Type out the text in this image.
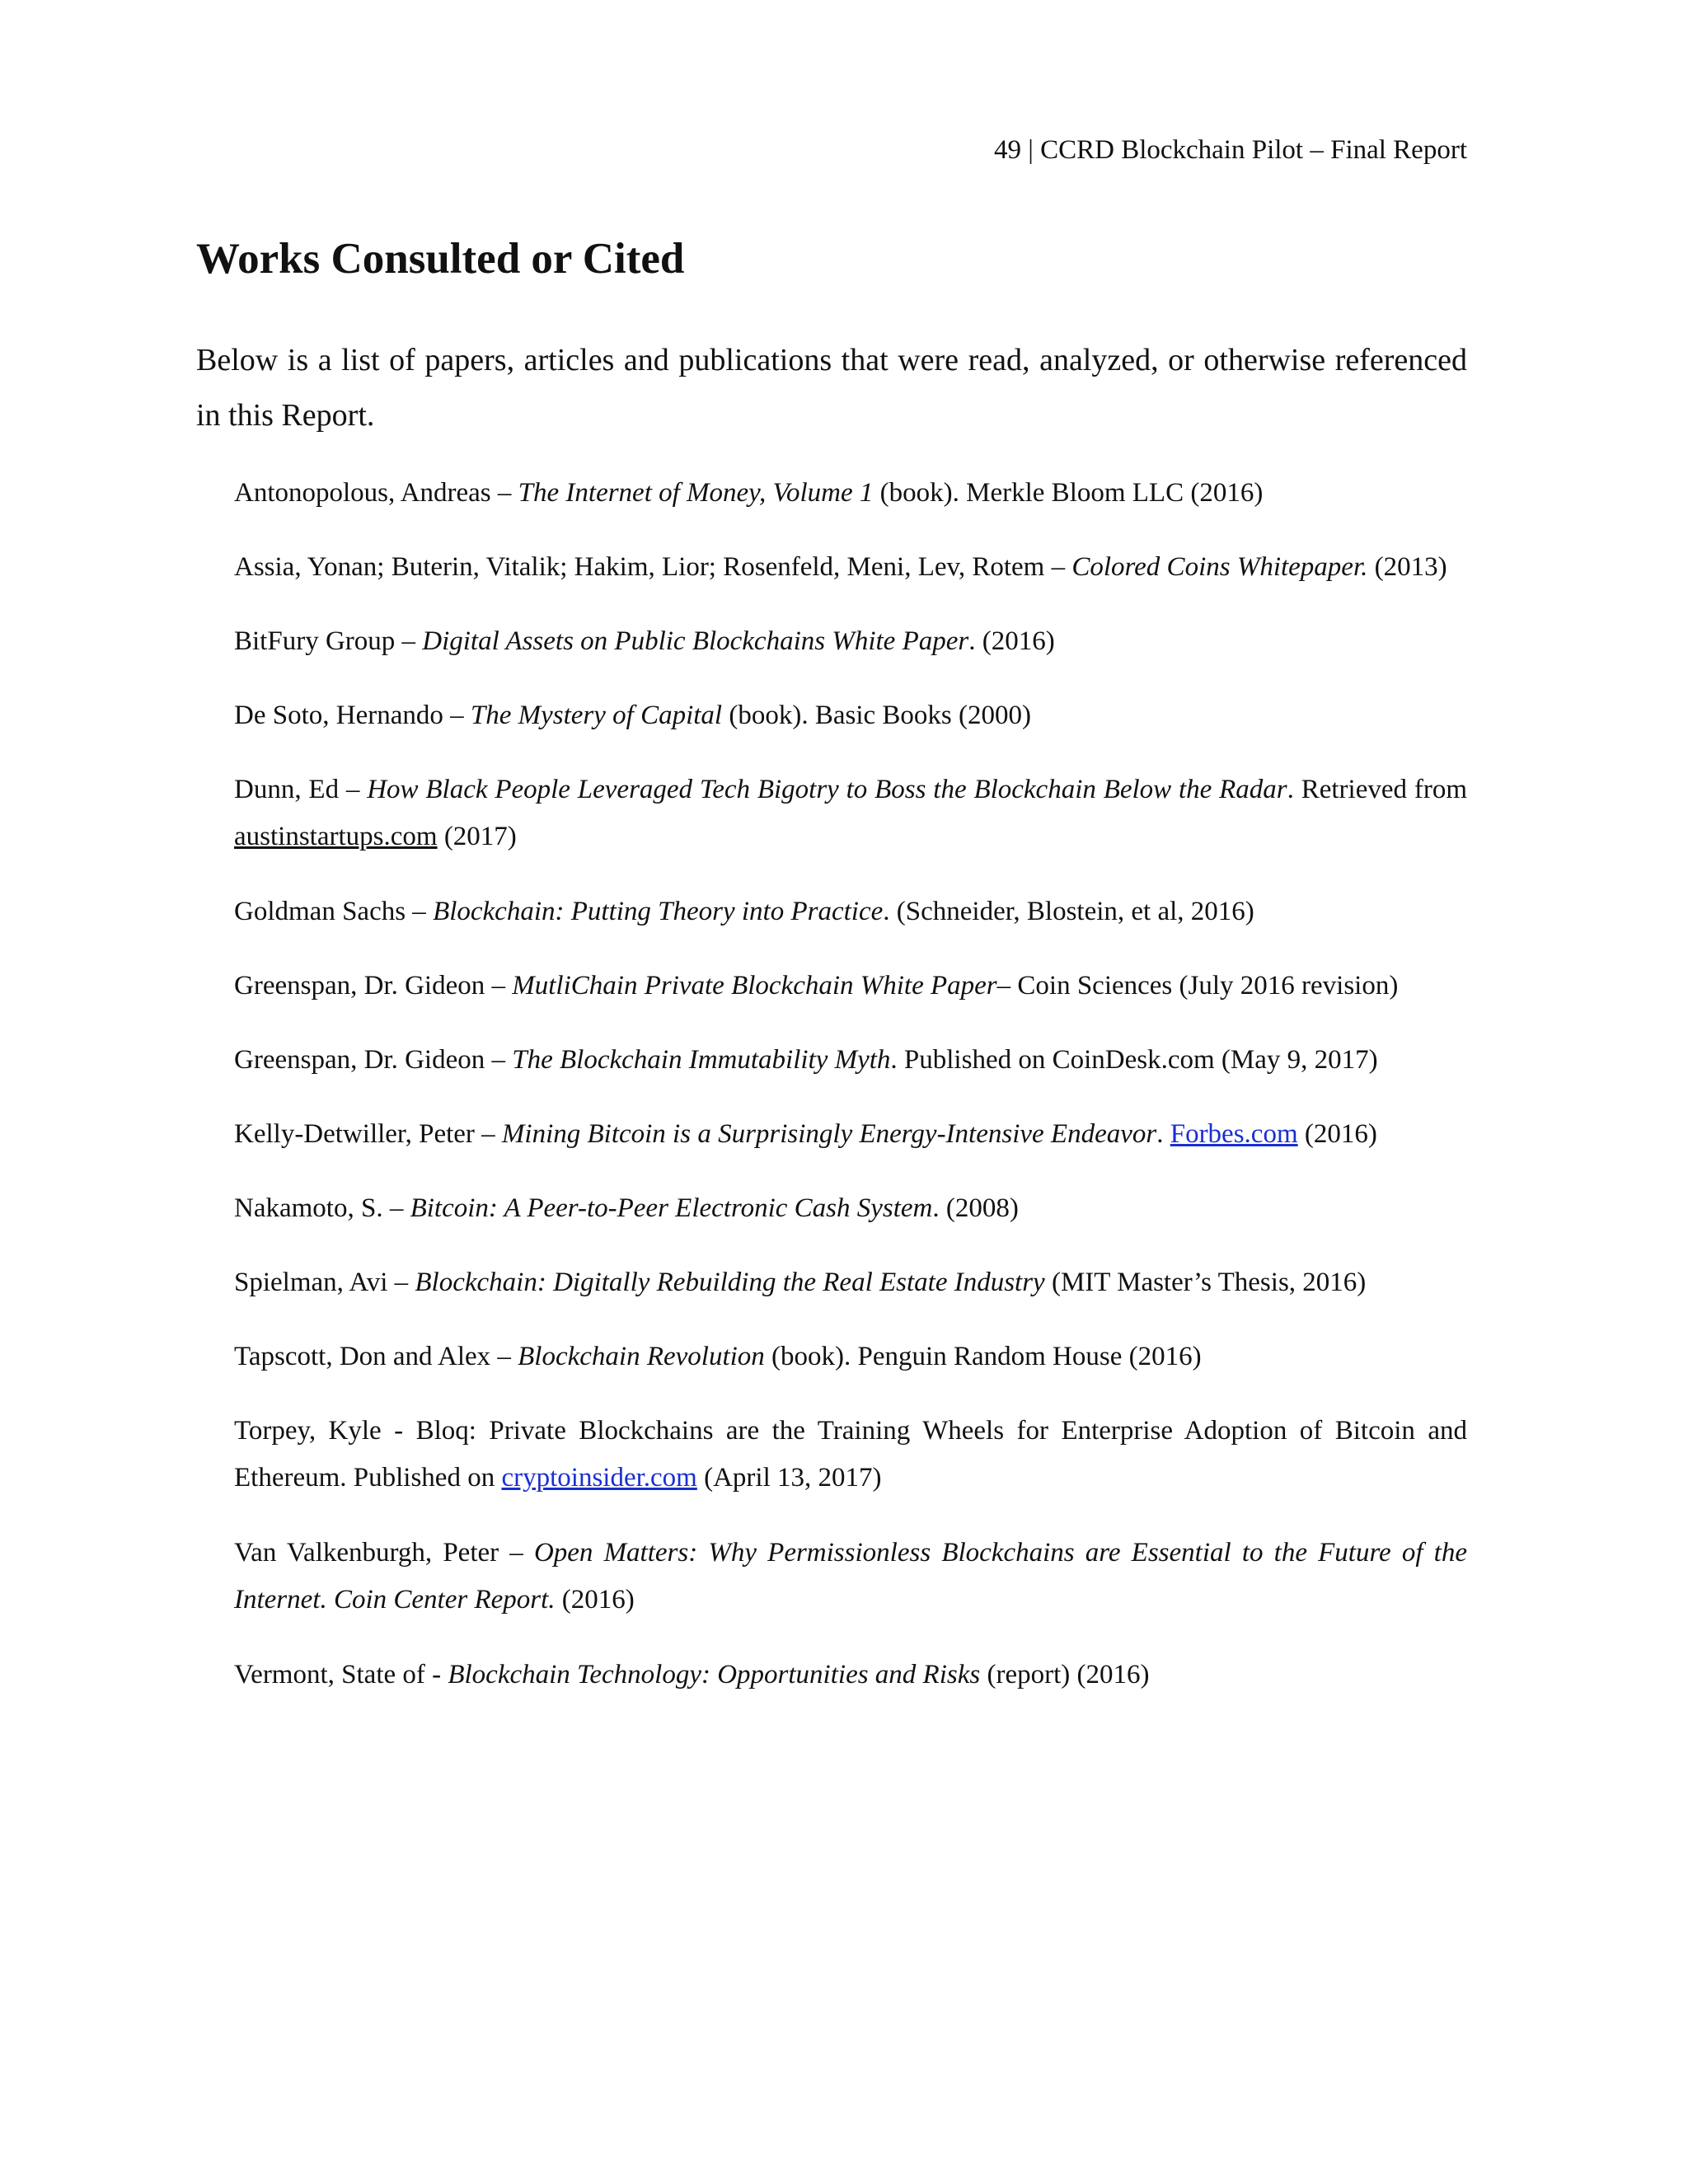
49 | CCRD Blockchain Pilot – Final Report
Works Consulted or Cited

Below is a list of papers, articles and publications that were read, analyzed, or otherwise referenced in this Report.

Antonopolous, Andreas – The Internet of Money, Volume 1 (book). Merkle Bloom LLC (2016)

Assia, Yonan; Buterin, Vitalik; Hakim, Lior; Rosenfeld, Meni, Lev, Rotem – Colored Coins Whitepaper. (2013)

BitFury Group – Digital Assets on Public Blockchains White Paper. (2016)

De Soto, Hernando – The Mystery of Capital (book). Basic Books (2000)

Dunn, Ed – How Black People Leveraged Tech Bigotry to Boss the Blockchain Below the Radar. Retrieved from austinstartups.com (2017)

Goldman Sachs – Blockchain: Putting Theory into Practice. (Schneider, Blostein, et al, 2016)

Greenspan, Dr. Gideon – MutliChain Private Blockchain White Paper– Coin Sciences (July 2016 revision)

Greenspan, Dr. Gideon – The Blockchain Immutability Myth. Published on CoinDesk.com (May 9, 2017)

Kelly-Detwiller, Peter – Mining Bitcoin is a Surprisingly Energy-Intensive Endeavor. Forbes.com (2016)

Nakamoto, S. – Bitcoin: A Peer-to-Peer Electronic Cash System. (2008)

Spielman, Avi – Blockchain: Digitally Rebuilding the Real Estate Industry (MIT Master’s Thesis, 2016)

Tapscott, Don and Alex – Blockchain Revolution (book). Penguin Random House (2016)

Torpey, Kyle - Bloq: Private Blockchains are the Training Wheels for Enterprise Adoption of Bitcoin and Ethereum. Published on cryptoinsider.com (April 13, 2017)

Van Valkenburgh, Peter – Open Matters: Why Permissionless Blockchains are Essential to the Future of the Internet. Coin Center Report. (2016)

Vermont, State of - Blockchain Technology: Opportunities and Risks (report) (2016)
